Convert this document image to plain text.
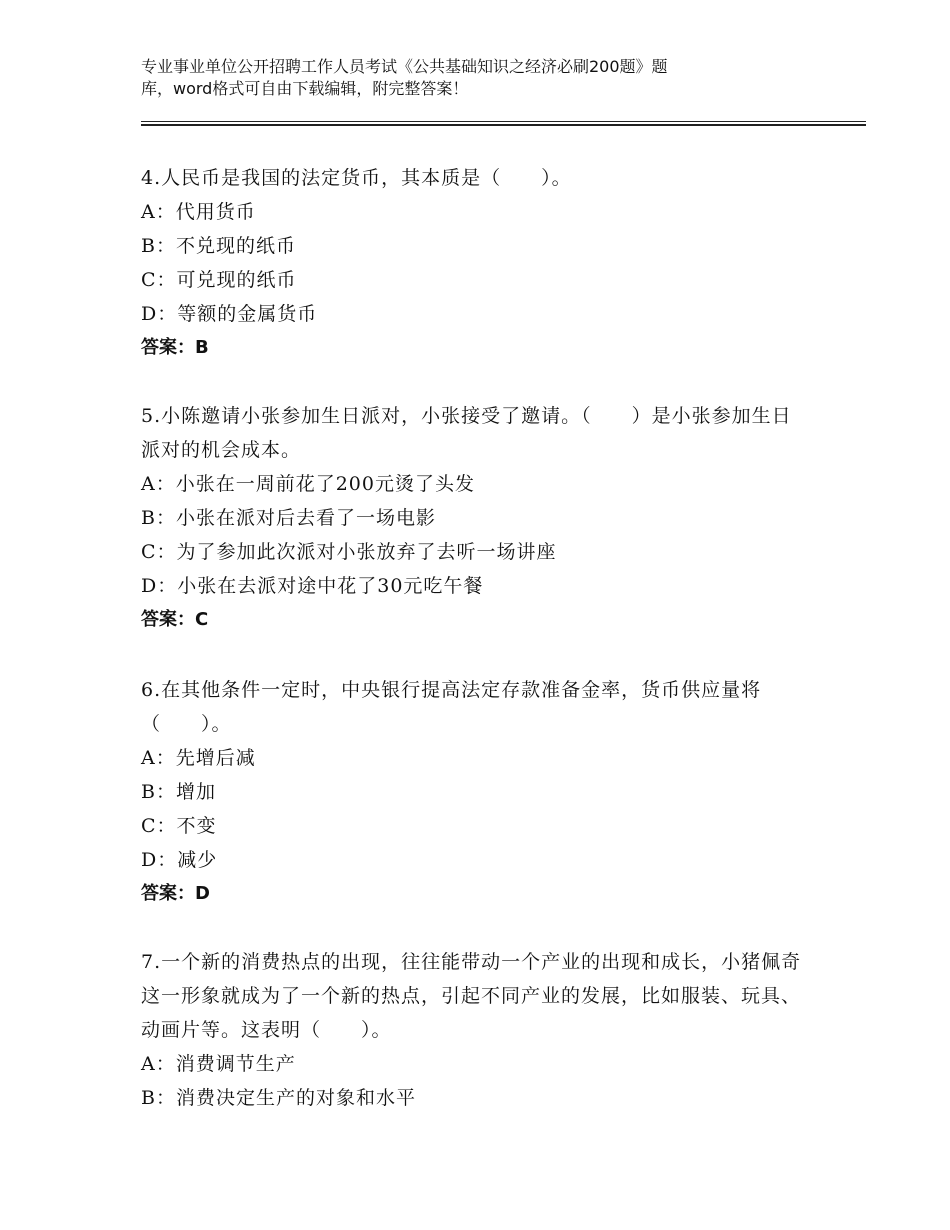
专业事业单位公开招聘工作人员考试《公共基础知识之经济必刷200题》题
库，word格式可自由下载编辑，附完整答案！

4.人民币是我国的法定货币，其本质是（　　）。

A：代用货币

B：不兑现的纸币

C：可兑现的纸币

D：等额的金属货币

答案：B

5.小陈邀请小张参加生日派对，小张接受了邀请。（　　）是小张参加生日派对的机会成本。

A：小张在一周前花了200元烫了头发

B：小张在派对后去看了一场电影

C：为了参加此次派对小张放弃了去听一场讲座

D：小张在去派对途中花了30元吃午餐

答案：C

6.在其他条件一定时，中央银行提高法定存款准备金率，货币供应量将（　　）。

A：先增后减

B：增加

C：不变

D：减少

答案：D

7.一个新的消费热点的出现，往往能带动一个产业的出现和成长，小猪佩奇这一形象就成为了一个新的热点，引起不同产业的发展，比如服装、玩具、动画片等。这表明（　　）。

A：消费调节生产

B：消费决定生产的对象和水平
